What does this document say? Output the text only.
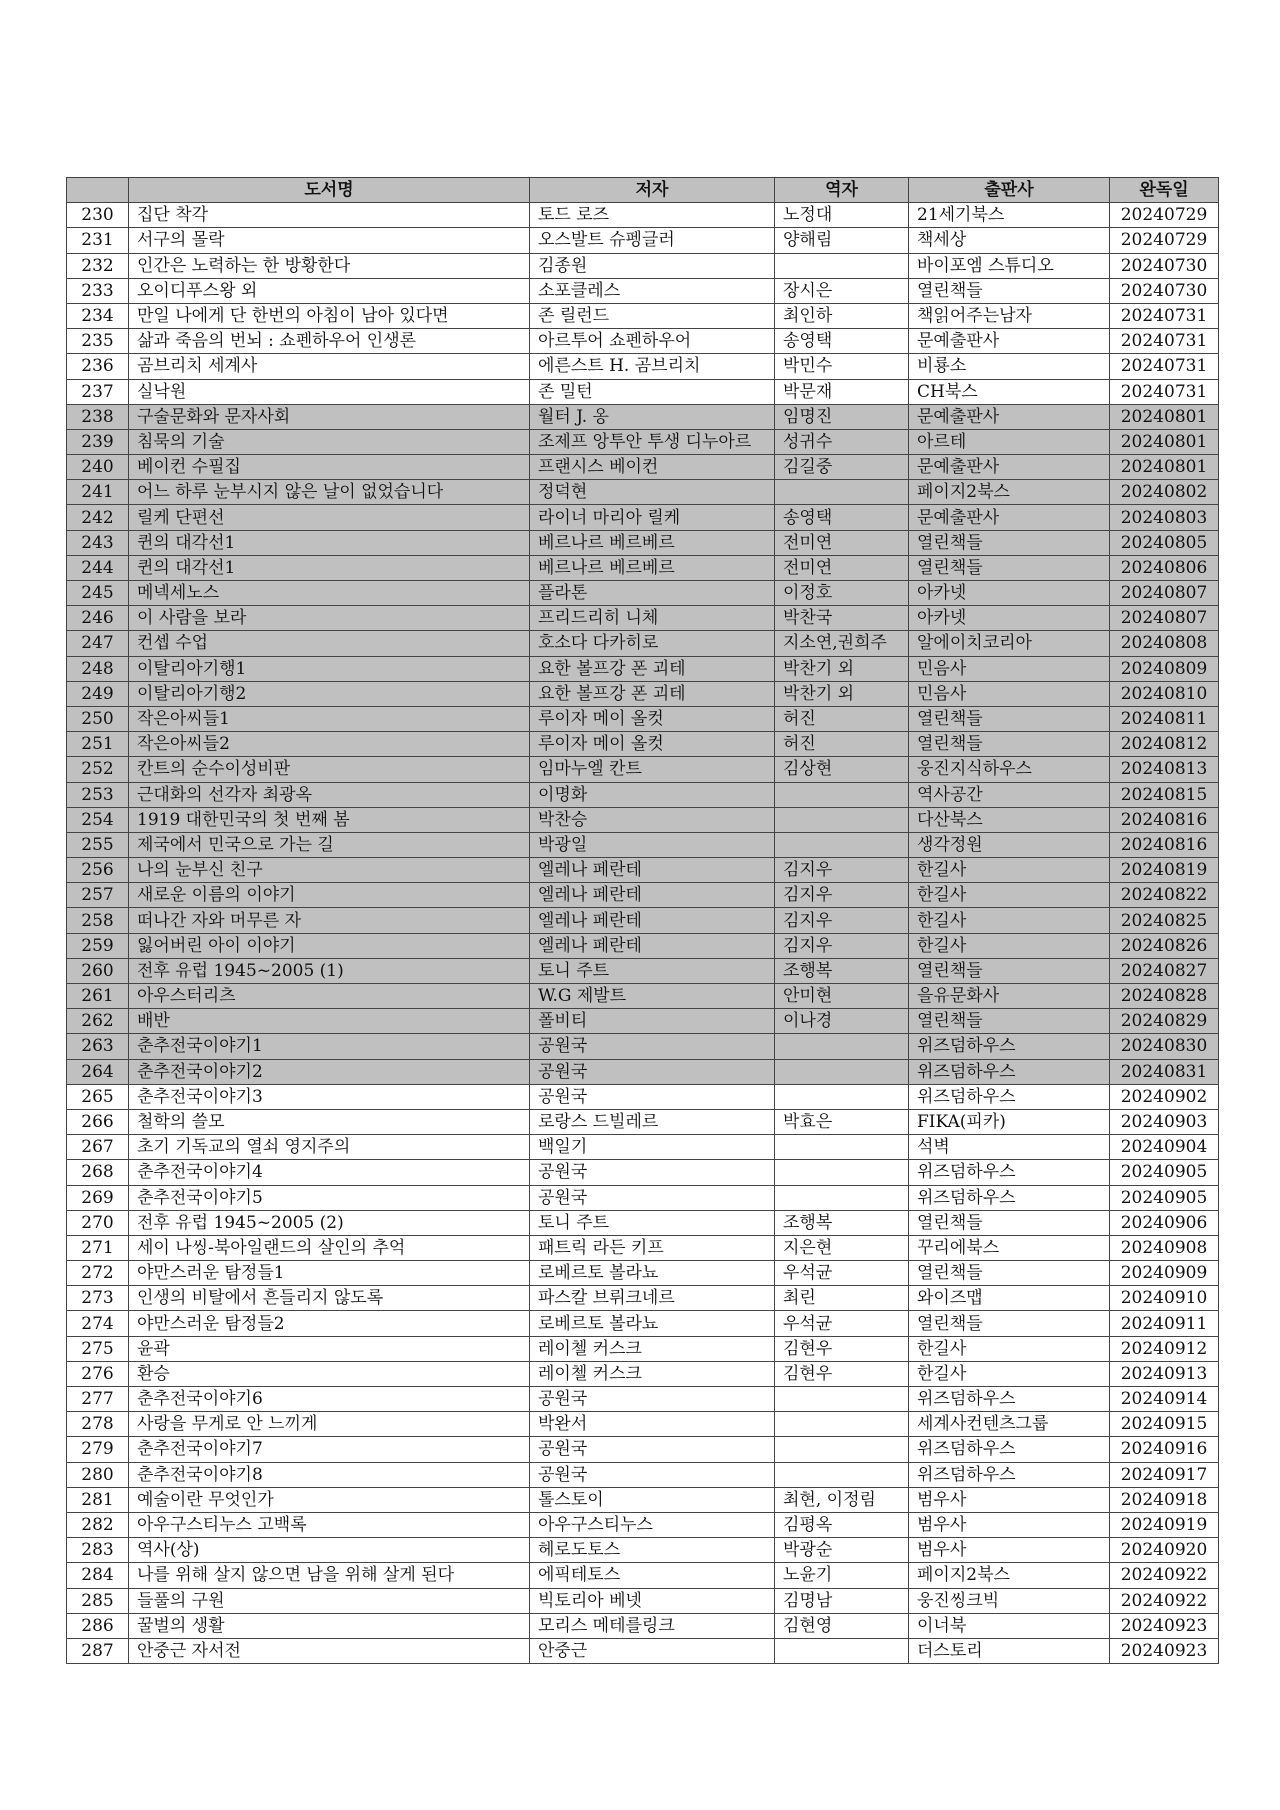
	도서명	저자	역자	출판사	완독일
230	집단 착각	토드 로즈	노정대	21세기북스	20240729
231	서구의 몰락	오스발트 슈펭글러	양해림	책세상	20240729
232	인간은 노력하는 한 방황한다	김종원		바이포엠 스튜디오	20240730
233	오이디푸스왕 외	소포클레스	장시은	열린책들	20240730
234	만일 나에게 단 한번의 아침이 남아 있다면	존 릴런드	최인하	책읽어주는남자	20240731
235	삶과 죽음의 번뇌 : 쇼펜하우어 인생론	아르투어 쇼펜하우어	송영택	문예출판사	20240731
236	곰브리치 세계사	에른스트 H. 곰브리치	박민수	비룡소	20240731
237	실낙원	존 밀턴	박문재	CH북스	20240731
238	구술문화와 문자사회	월터 J. 옹	임명진	문예출판사	20240801
239	침묵의 기술	조제프 앙투안 투생 디누아르	성귀수	아르테	20240801
240	베이컨 수필집	프랜시스 베이컨	김길중	문예출판사	20240801
241	어느 하루 눈부시지 않은 날이 없었습니다	정덕현		페이지2북스	20240802
242	릴케 단편선	라이너 마리아 릴케	송영택	문예출판사	20240803
243	퀸의 대각선1	베르나르 베르베르	전미연	열린책들	20240805
244	퀸의 대각선1	베르나르 베르베르	전미연	열린책들	20240806
245	메넥세노스	플라톤	이정호	아카넷	20240807
246	이 사람을 보라	프리드리히 니체	박찬국	아카넷	20240807
247	컨셉 수업	호소다 다카히로	지소연,권희주	알에이치코리아	20240808
248	이탈리아기행1	요한 볼프강 폰 괴테	박찬기 외	민음사	20240809
249	이탈리아기행2	요한 볼프강 폰 괴테	박찬기 외	민음사	20240810
250	작은아씨들1	루이자 메이 올컷	허진	열린책들	20240811
251	작은아씨들2	루이자 메이 올컷	허진	열린책들	20240812
252	칸트의 순수이성비판	임마누엘 칸트	김상현	웅진지식하우스	20240813
253	근대화의 선각자 최광옥	이명화		역사공간	20240815
254	1919 대한민국의 첫 번째 봄	박찬승		다산북스	20240816
255	제국에서 민국으로 가는 길	박광일		생각정원	20240816
256	나의 눈부신 친구	엘레나 페란테	김지우	한길사	20240819
257	새로운 이름의 이야기	엘레나 페란테	김지우	한길사	20240822
258	떠나간 자와 머무른 자	엘레나 페란테	김지우	한길사	20240825
259	잃어버린 아이 이야기	엘레나 페란테	김지우	한길사	20240826
260	전후 유럽 1945~2005 (1)	토니 주트	조행복	열린책들	20240827
261	아우스터리츠	W.G 제발트	안미현	을유문화사	20240828
262	배반	폴비티	이나경	열린책들	20240829
263	춘추전국이야기1	공원국		위즈덤하우스	20240830
264	춘추전국이야기2	공원국		위즈덤하우스	20240831
265	춘추전국이야기3	공원국		위즈덤하우스	20240902
266	철학의 쓸모	로랑스 드빌레르	박효은	FIKA(피카)	20240903
267	초기 기독교의 열쇠 영지주의	백일기		석벽	20240904
268	춘추전국이야기4	공원국		위즈덤하우스	20240905
269	춘추전국이야기5	공원국		위즈덤하우스	20240905
270	전후 유럽 1945~2005 (2)	토니 주트	조행복	열린책들	20240906
271	세이 나씽-북아일랜드의 살인의 추억	패트릭 라든 키프	지은현	꾸리에북스	20240908
272	야만스러운 탐정들1	로베르토 볼라뇨	우석균	열린책들	20240909
273	인생의 비탈에서 흔들리지 않도록	파스칼 브뤼크네르	최린	와이즈맵	20240910
274	야만스러운 탐정들2	로베르토 볼라뇨	우석균	열린책들	20240911
275	윤곽	레이첼 커스크	김현우	한길사	20240912
276	환승	레이첼 커스크	김현우	한길사	20240913
277	춘추전국이야기6	공원국		위즈덤하우스	20240914
278	사랑을 무게로 안 느끼게	박완서		세계사컨텐츠그룹	20240915
279	춘추전국이야기7	공원국		위즈덤하우스	20240916
280	춘추전국이야기8	공원국		위즈덤하우스	20240917
281	예술이란 무엇인가	톨스토이	최현, 이정림	범우사	20240918
282	아우구스티누스 고백록	아우구스티누스	김평옥	범우사	20240919
283	역사(상)	헤로도토스	박광순	범우사	20240920
284	나를 위해 살지 않으면 남을 위해 살게 된다	에픽테토스	노윤기	페이지2북스	20240922
285	들풀의 구원	빅토리아 베넷	김명남	웅진씽크빅	20240922
286	꿀벌의 생활	모리스 메테를링크	김현영	이너북	20240923
287	안중근 자서전	안중근		더스토리	20240923
